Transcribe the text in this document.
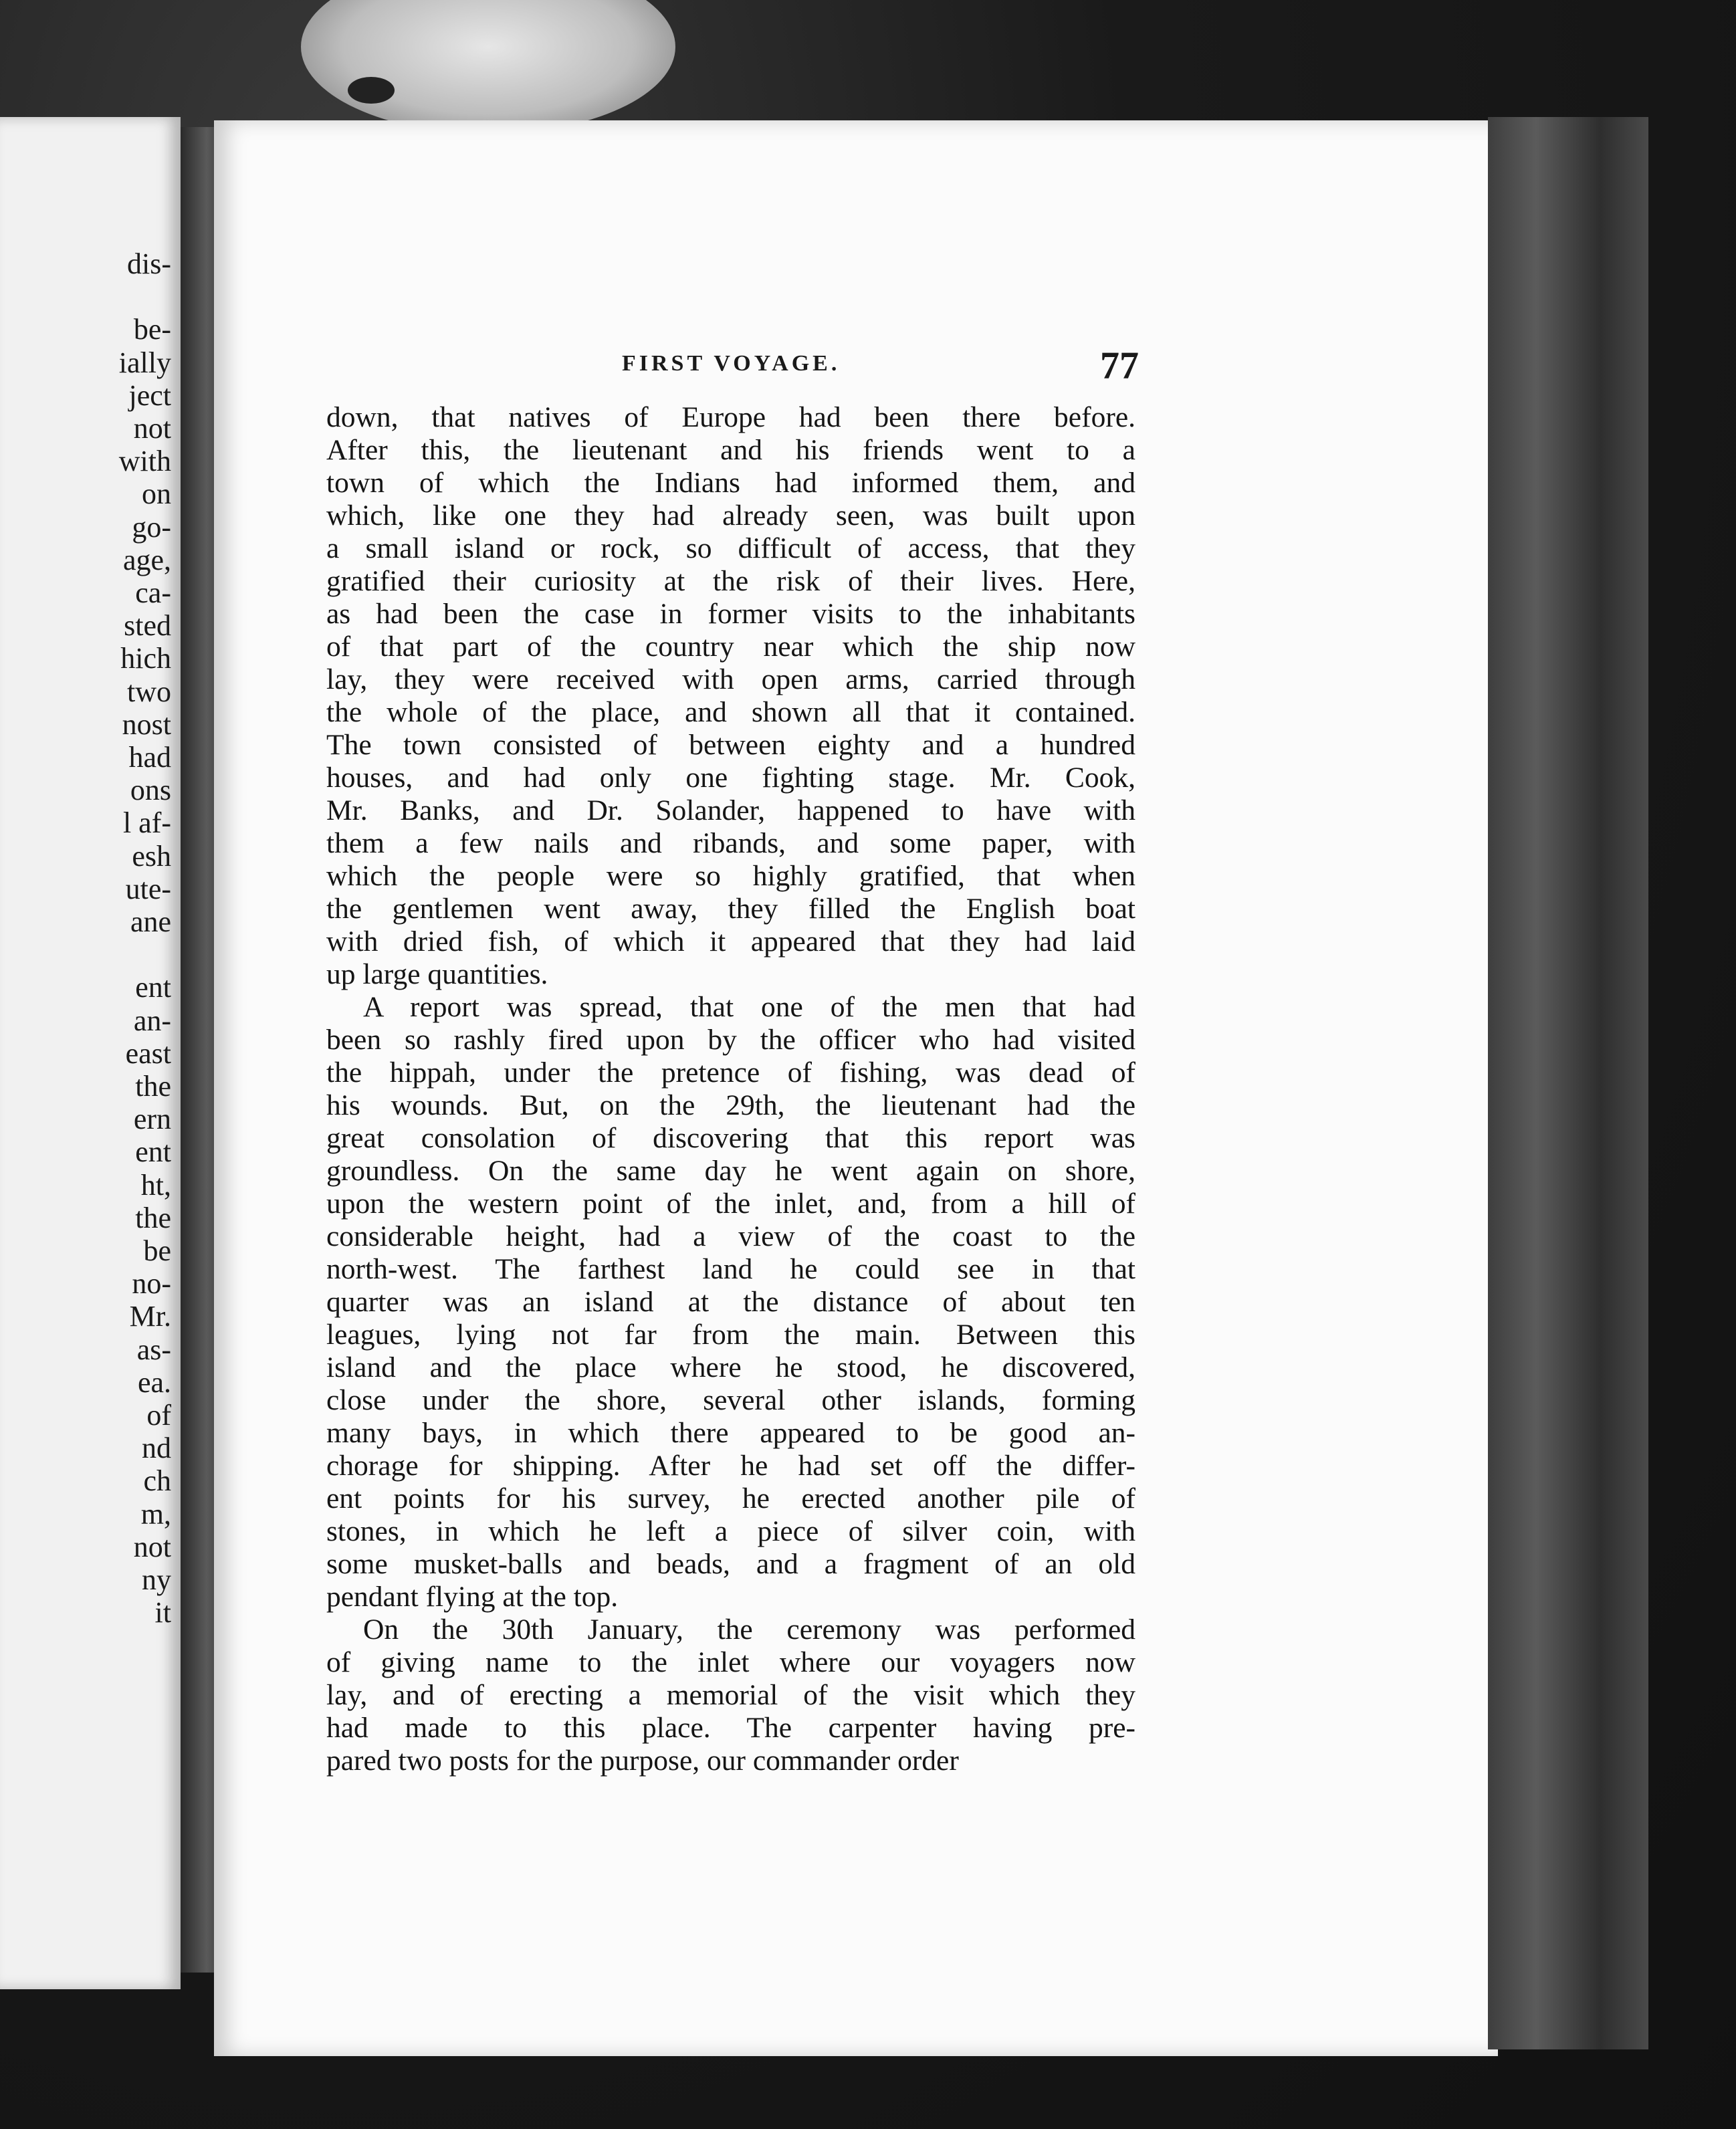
dis-

be-

ially

ject

not

with

on

go-

age,

ca-

sted

hich

two

nost

had

ons

l af-

esh

ute-

ane

ent

an-

east

the

ern

ent

ht,

the

be

no-

Mr.

as-

ea.

of

nd

ch

m,

not

ny

it

FIRST VOYAGE.	77

down, that natives of Europe had been there before.

After this, the lieutenant and his friends went to a

town of which the Indians had informed them, and

which, like one they had already seen, was built upon

a small island or rock, so difficult of access, that they

gratified their curiosity at the risk of their lives. Here,

as had been the case in former visits to the inhabitants

of that part of the country near which the ship now

lay, they were received with open arms, carried through

the whole of the place, and shown all that it contained.

The town consisted of between eighty and a hundred

houses, and had only one fighting stage. Mr. Cook,

Mr. Banks, and Dr. Solander, happened to have with

them a few nails and ribands, and some paper, with

which the people were so highly gratified, that when

the gentlemen went away, they filled the English boat

with dried fish, of which it appeared that they had laid

up large quantities.

A report was spread, that one of the men that had

been so rashly fired upon by the officer who had visited

the hippah, under the pretence of fishing, was dead of

his wounds. But, on the 29th, the lieutenant had the

great consolation of discovering that this report was

groundless. On the same day he went again on shore,

upon the western point of the inlet, and, from a hill of

considerable height, had a view of the coast to the

north-west. The farthest land he could see in that

quarter was an island at the distance of about ten

leagues, lying not far from the main. Between this

island and the place where he stood, he discovered,

close under the shore, several other islands, forming

many bays, in which there appeared to be good an-

chorage for shipping. After he had set off the differ-

ent points for his survey, he erected another pile of

stones, in which he left a piece of silver coin, with

some musket-balls and beads, and a fragment of an old

pendant flying at the top.

On the 30th January, the ceremony was performed

of giving name to the inlet where our voyagers now

lay, and of erecting a memorial of the visit which they

had made to this place. The carpenter having pre-

pared two posts for the purpose, our commander order
